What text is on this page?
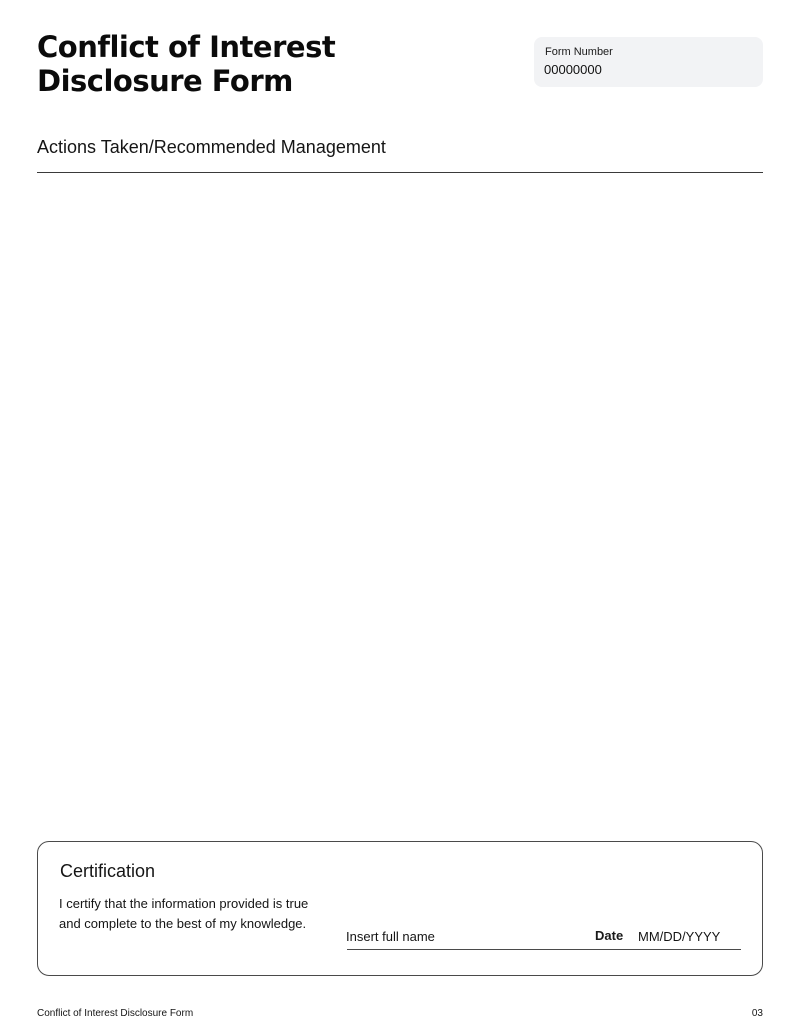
Conflict of Interest
Disclosure Form
Form Number
00000000
Actions Taken/Recommended Management
Certification

I certify that the information provided is true
and complete to the best of my knowledge.

Insert full name
Date
MM/DD/YYYY
Conflict of Interest Disclosure Form	03
